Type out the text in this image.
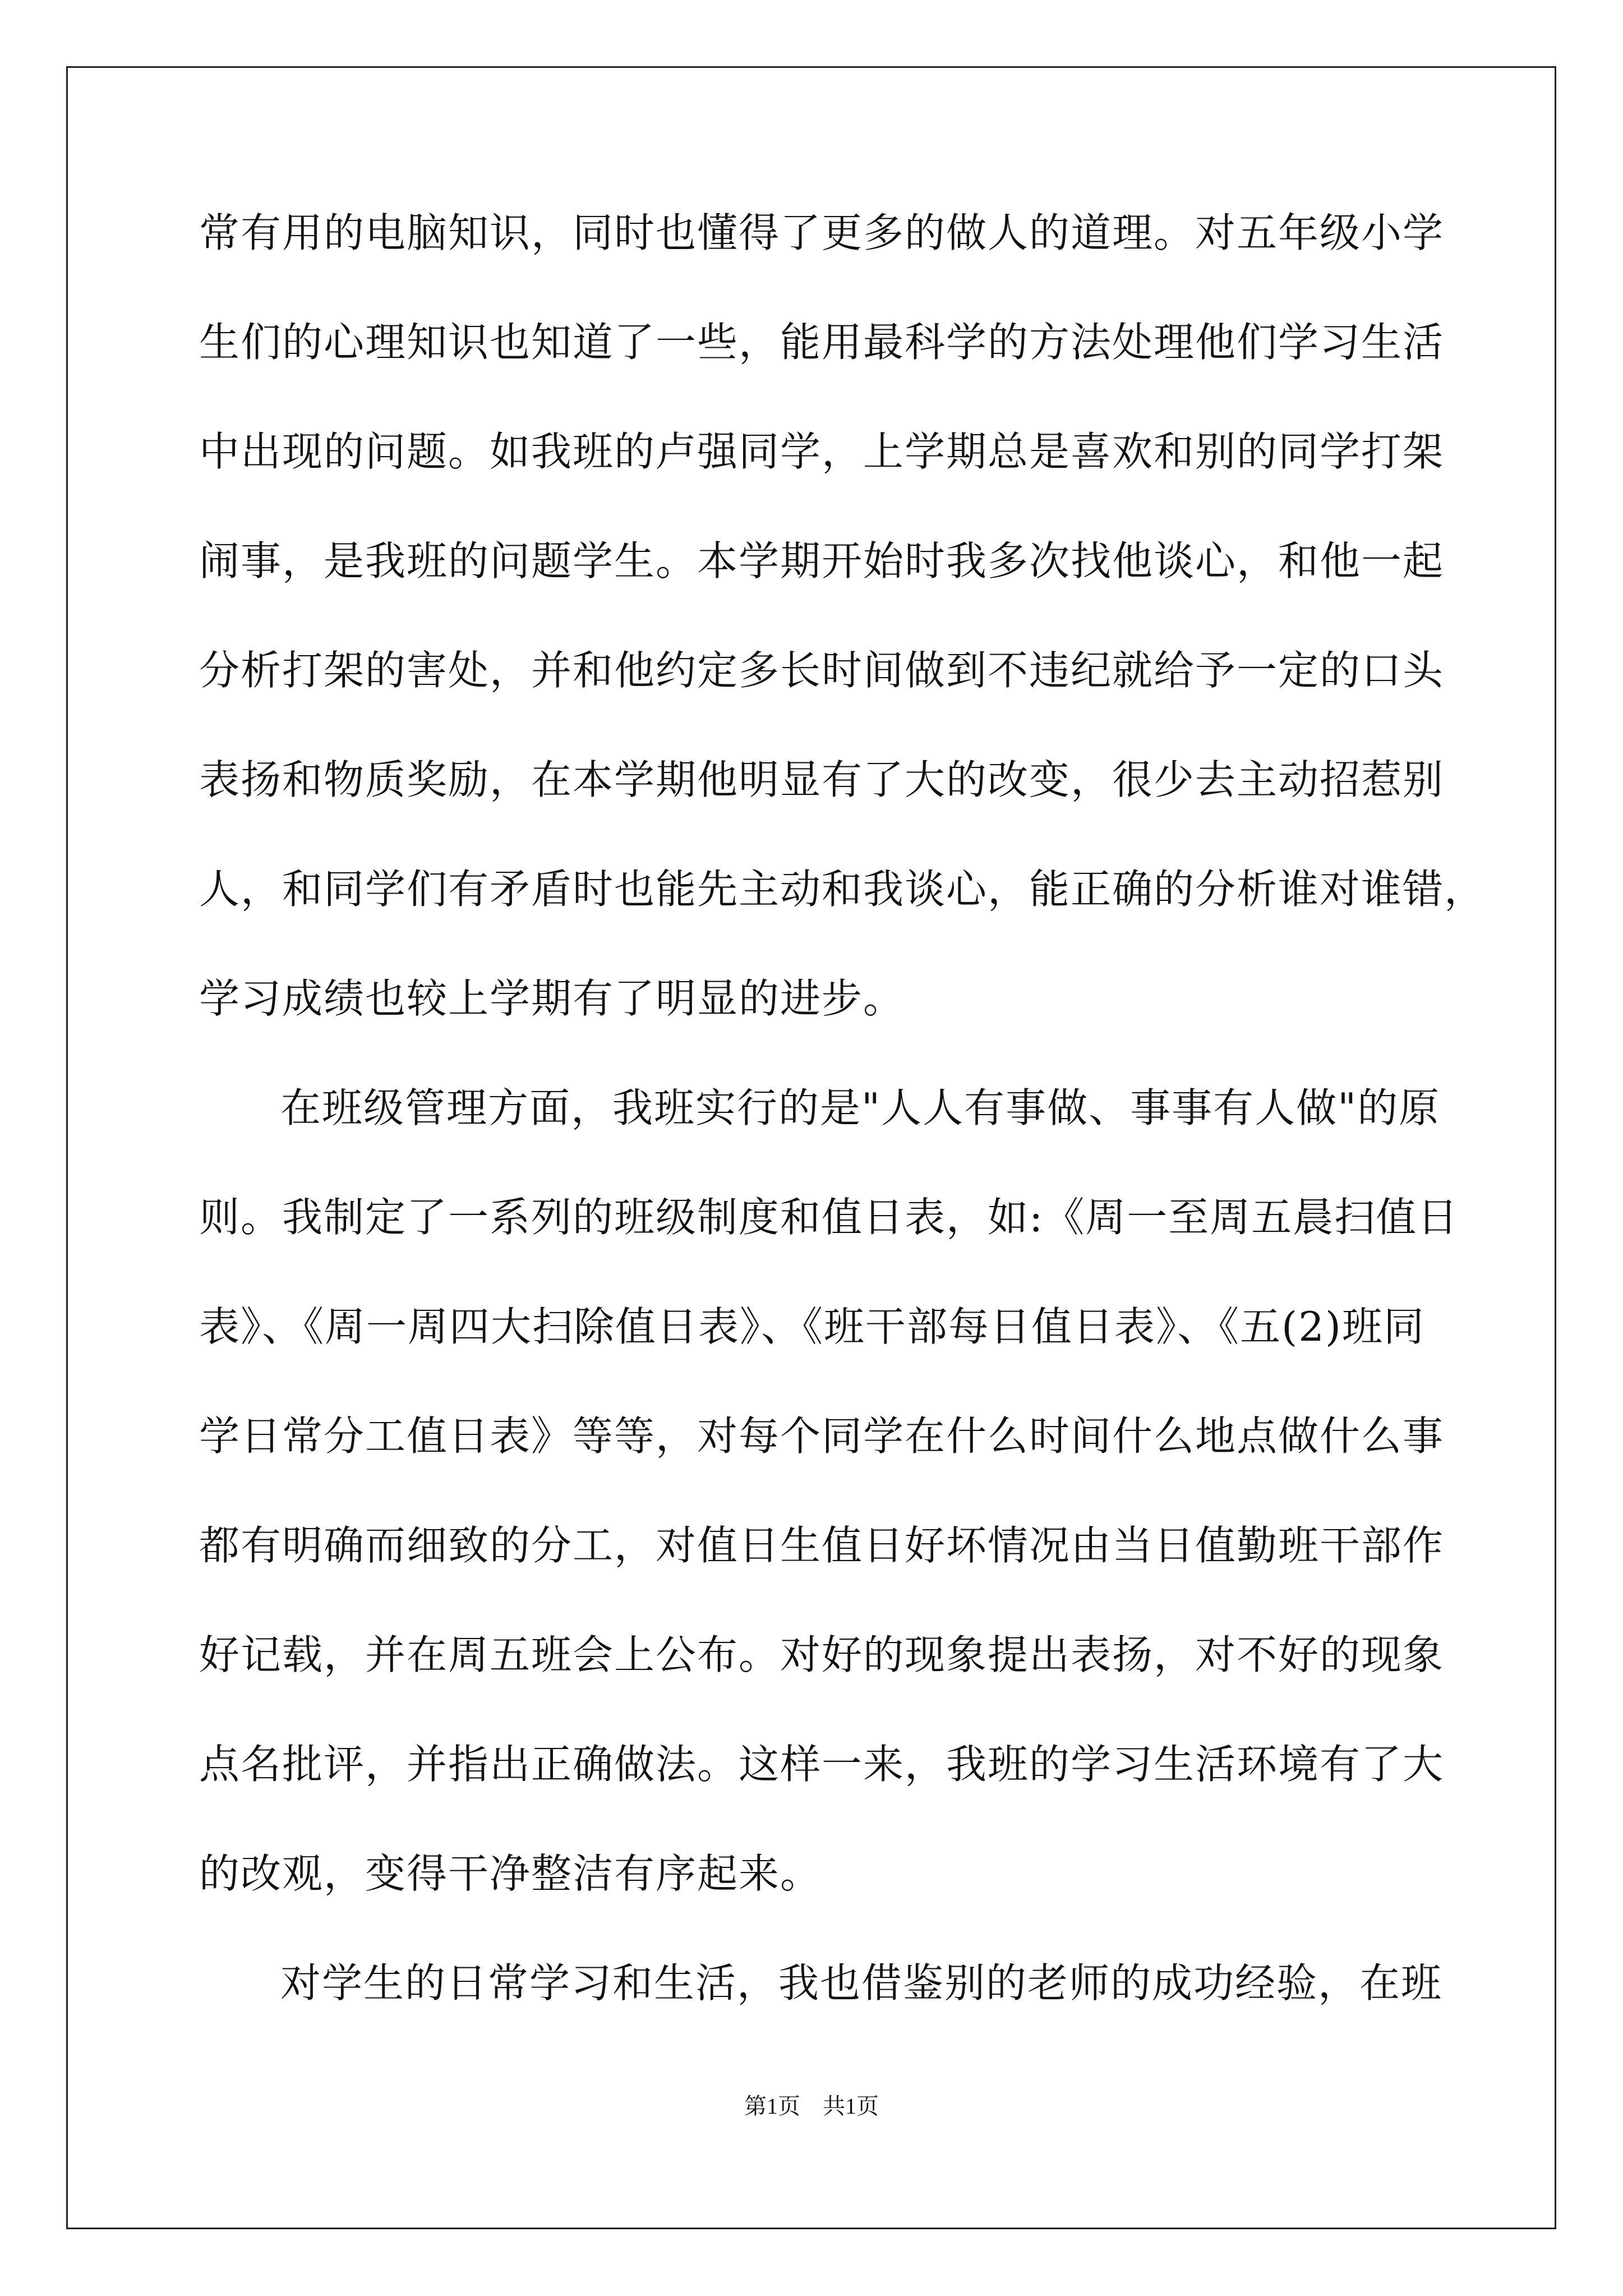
常有用的电脑知识，同时也懂得了更多的做人的道理。对五年级小学
生们的心理知识也知道了一些，能用最科学的方法处理他们学习生活
中出现的问题。如我班的卢强同学，上学期总是喜欢和别的同学打架
闹事，是我班的问题学生。本学期开始时我多次找他谈心，和他一起
分析打架的害处，并和他约定多长时间做到不违纪就给予一定的口头
表扬和物质奖励，在本学期他明显有了大的改变，很少去主动招惹别
人，和同学们有矛盾时也能先主动和我谈心，能正确的分析谁对谁错，
学习成绩也较上学期有了明显的进步。
在班级管理方面，我班实行的是"人人有事做、事事有人做"的原
则。我制定了一系列的班级制度和值日表，如:《周一至周五晨扫值日
表》、《周一周四大扫除值日表》、《班干部每日值日表》、《五(2)班同
学日常分工值日表》等等，对每个同学在什么时间什么地点做什么事
都有明确而细致的分工，对值日生值日好坏情况由当日值勤班干部作
好记载，并在周五班会上公布。对好的现象提出表扬，对不好的现象
点名批评，并指出正确做法。这样一来，我班的学习生活环境有了大
的改观，变得干净整洁有序起来。
对学生的日常学习和生活，我也借鉴别的老师的成功经验，在班
第1页　共1页
